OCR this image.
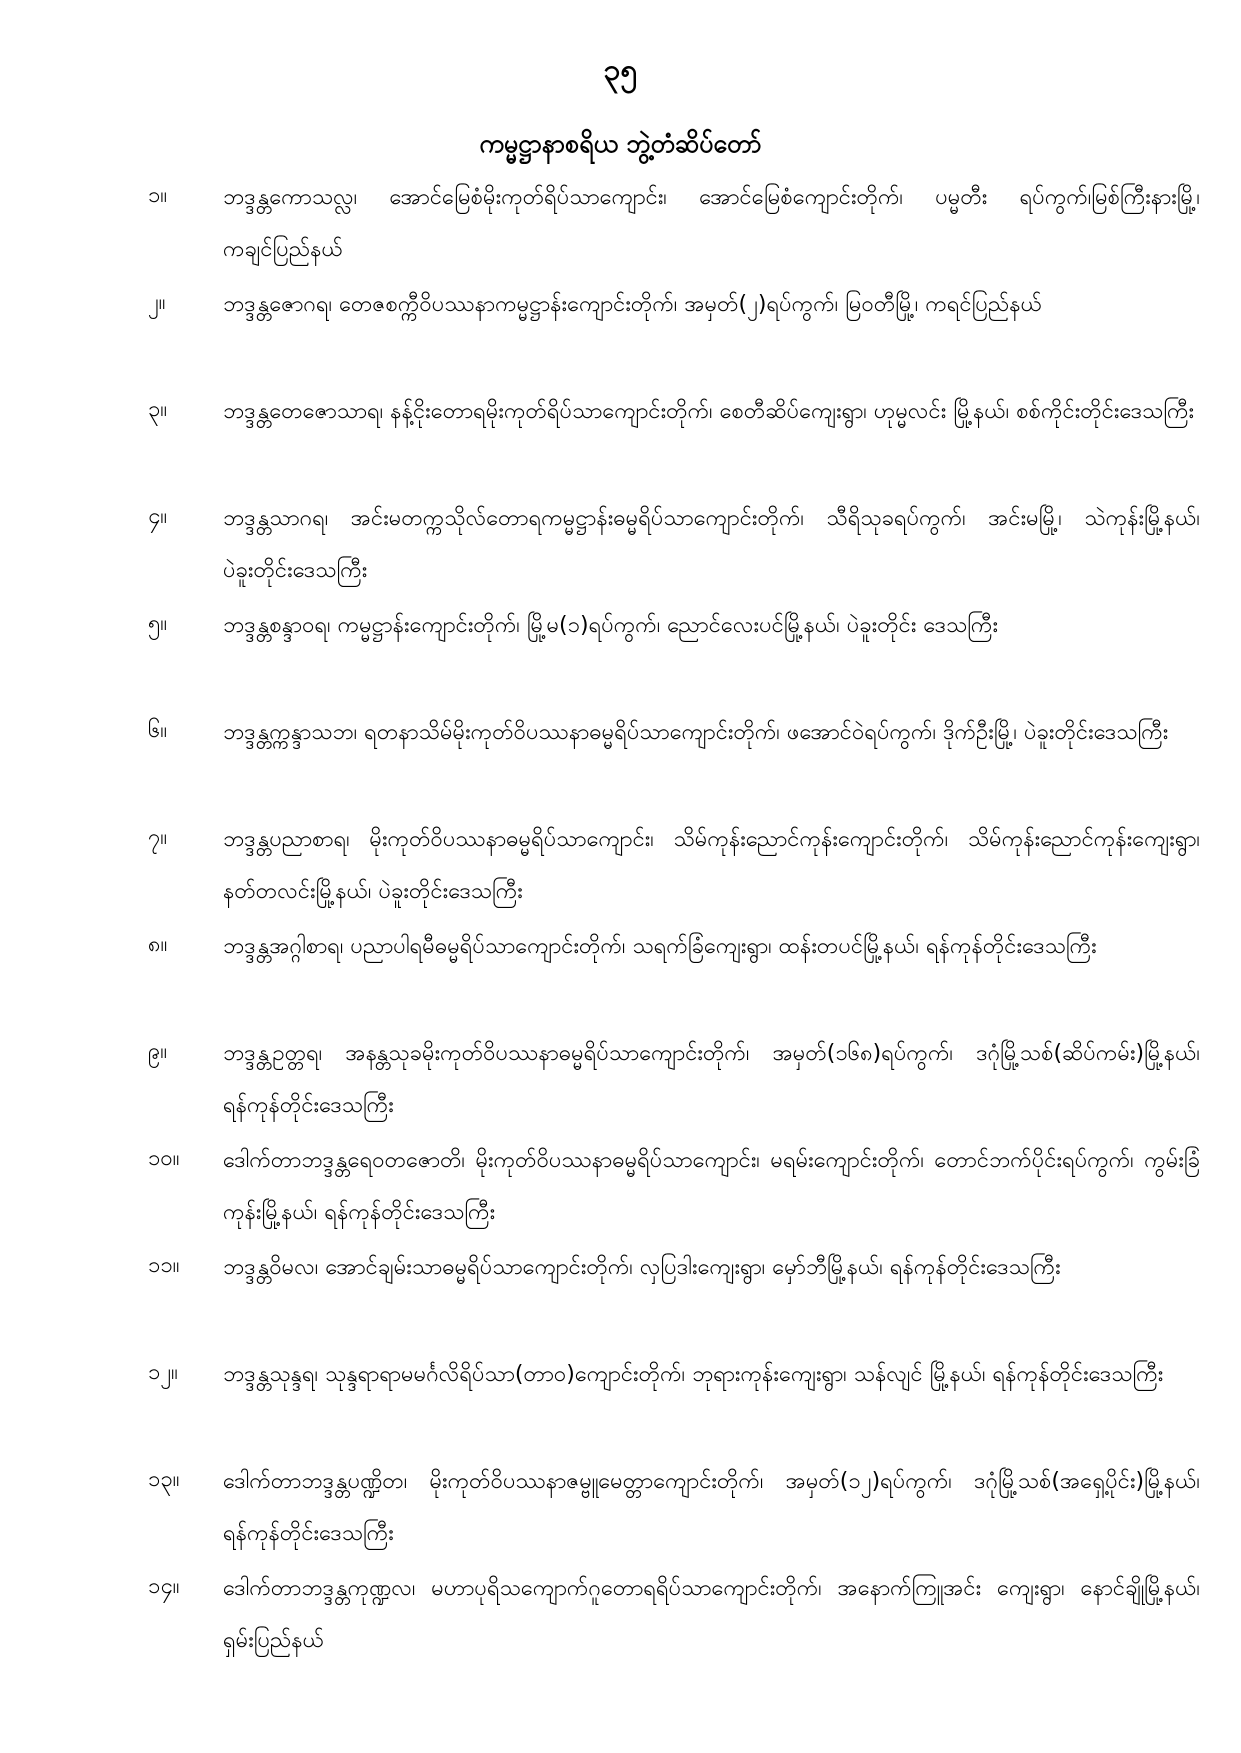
၃၅
ကမ္မဋ္ဌာနာစရိယ ဘွဲ့တံဆိပ်တော်
၁။	ဘဒ္ဒန္တကောသလ္လ၊ အောင်မြေစံမိုးကုတ်ရိပ်သာကျောင်း၊ အောင်မြေစံကျောင်းတိုက်၊ ပမ္မတီး ရပ်ကွက်၊မြစ်ကြီးနားမြို့၊ ကချင်ပြည်နယ်

၂။	ဘဒ္ဒန္တဇောဂရ၊ တေဇစက္ကီဝိပဿနာကမ္မဋ္ဌာန်းကျောင်းတိုက်၊ အမှတ်(၂)ရပ်ကွက်၊ မြဝတီမြို့၊ ကရင်ပြည်နယ်

၃။	ဘဒ္ဒန္တတေဇောသာရ၊ နန့်ငိုးတောရမိုးကုတ်ရိပ်သာကျောင်းတိုက်၊ စေတီဆိပ်ကျေးရွာ၊ ဟုမ္မလင်း မြို့နယ်၊ စစ်ကိုင်းတိုင်းဒေသကြီး

၄။	ဘဒ္ဒန္တသာဂရ၊ အင်းမတက္ကသိုလ်တောရကမ္မဋ္ဌာန်းဓမ္မရိပ်သာကျောင်းတိုက်၊ သီရိသုခရပ်ကွက်၊ အင်းမမြို့၊ သဲကုန်းမြို့နယ်၊ ပဲခူးတိုင်းဒေသကြီး

၅။	ဘဒ္ဒန္တစန္ဒာဝရ၊ ကမ္မဋ္ဌာန်းကျောင်းတိုက်၊ မြို့မ(၁)ရပ်ကွက်၊ ညောင်လေးပင်မြို့နယ်၊ ပဲခူးတိုင်း ဒေသကြီး

၆။	ဘဒ္ဒန္တက္ကန္ဒာသဘ၊ ရတနာသိမ်မိုးကုတ်ဝိပဿနာဓမ္မရိပ်သာကျောင်းတိုက်၊ ဖအောင်ဝဲရပ်ကွက်၊ ဒိုက်ဦးမြို့၊ ပဲခူးတိုင်းဒေသကြီး

၇။	ဘဒ္ဒန္တပညာစာရ၊ မိုးကုတ်ဝိပဿနာဓမ္မရိပ်သာကျောင်း၊ သိမ်ကုန်းညောင်ကုန်းကျောင်းတိုက်၊ သိမ်ကုန်းညောင်ကုန်းကျေးရွာ၊ နတ်တလင်းမြို့နယ်၊ ပဲခူးတိုင်းဒေသကြီး

၈။	ဘဒ္ဒန္တအဂ္ဂါစာရ၊ ပညာပါရမီဓမ္မရိပ်သာကျောင်းတိုက်၊ သရက်ခြံကျေးရွာ၊ ထန်းတပင်မြို့နယ်၊ ရန်ကုန်တိုင်းဒေသကြီး

၉။	ဘဒ္ဒန္တဥတ္တရ၊ အနန္တသုခမိုးကုတ်ဝိပဿနာဓမ္မရိပ်သာကျောင်းတိုက်၊ အမှတ်(၁၆၈)ရပ်ကွက်၊ ဒဂုံမြို့သစ်(ဆိပ်ကမ်း)မြို့နယ်၊ ရန်ကုန်တိုင်းဒေသကြီး

၁၀။ ဒေါက်တာဘဒ္ဒန္တရေဝတဇောတိ၊ မိုးကုတ်ဝိပဿနာဓမ္မရိပ်သာကျောင်း၊ မရမ်းကျောင်းတိုက်၊ တောင်ဘက်ပိုင်းရပ်ကွက်၊ ကွမ်းခြံကုန်းမြို့နယ်၊ ရန်ကုန်တိုင်းဒေသကြီး

၁၁။ ဘဒ္ဒန္တဝိမလ၊ အောင်ချမ်းသာဓမ္မရိပ်သာကျောင်းတိုက်၊ လှပြဒါးကျေးရွာ၊ မှော်ဘီမြို့နယ်၊ ရန်ကုန်တိုင်းဒေသကြီး

၁၂။ ဘဒ္ဒန္တသုန္ဒရ၊ သုန္ဒရာရာမမင်္ဂလိရိပ်သာ(တာဝ)ကျောင်းတိုက်၊ ဘုရားကုန်းကျေးရွာ၊ သန်လျင် မြို့နယ်၊ ရန်ကုန်တိုင်းဒေသကြီး

၁၃။ ဒေါက်တာဘဒ္ဒန္တပဏ္ဍိတ၊ မိုးကုတ်ဝိပဿနာဇမ္ဗူမေတ္တာကျောင်းတိုက်၊ အမှတ်(၁၂)ရပ်ကွက်၊ ဒဂုံမြို့သစ်(အရှေ့ပိုင်း)မြို့နယ်၊ ရန်ကုန်တိုင်းဒေသကြီး

၁၄။ ဒေါက်တာဘဒ္ဒန္တကုဏ္ဍလ၊ မဟာပုရိသကျောက်ဂူတောရရိပ်သာကျောင်းတိုက်၊ အနောက်ကြူအင်း ကျေးရွာ၊ နောင်ချိုမြို့နယ်၊ ရှမ်းပြည်နယ်
